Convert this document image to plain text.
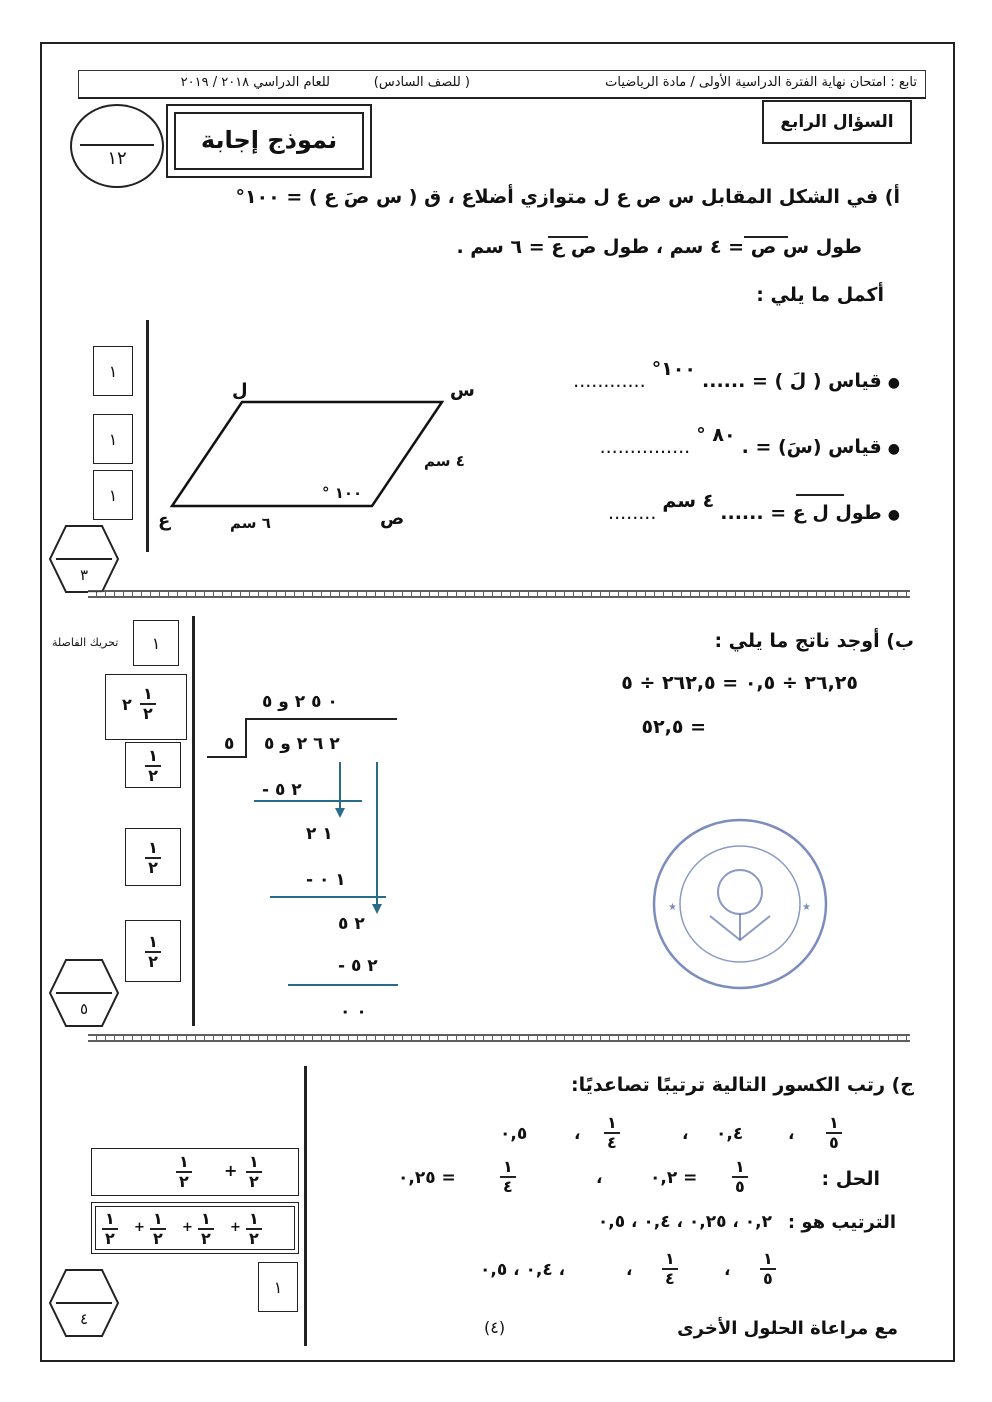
تابع : امتحان نهاية الفترة الدراسية الأولى / مادة الرياضيات
( للصف السادس)
للعام الدراسي ٢٠١٨ / ٢٠١٩
السؤال الرابع
نموذج إجابة
١٢
أ) في الشكل المقابل س ص ع ل متوازي أضلاع ، ق ( س صَ ع ) = ١٠٠°
طول س ص = ٤ سم ، طول ص ع = ٦ سم .
أكمل ما يلي :
١
١
١
٣
ل	س
ع	ص
٤ سم
٦ سم
١٠٠ °
● قياس ( لَ ) = ...... ١٠٠° ............
● قياس (سَ) = . ٨٠ ° ...............
● طول ل ع = ...... ٤ سم ........
ب) أوجد ناتج ما يلي :
٢٦,٢٥ ÷ ٠,٥ = ٢٦٢,٥ ÷ ٥
= ٥٢,٥
١
تحريك الفاصلة
٢
١
٢
$\frac{١}{٢}$
$\frac{١}{٢}$
$\frac{١}{٢}$
٥
٠ ٥ ٢ و ٥
٥ ٢ ٦ ٢ و ٥
- ٢ ٥
١ ٢
- ١ ٠
٢ ٥
- ٢ ٥
٠ ٠
★	★
ج) رتب الكسور التالية ترتيبًا تصاعديًا:
١
٥
،
٠,٤
،
١
٤
،
٠,٥
الحل :
١
٥
= ٠,٢
،
١
٤
= ٠,٢٥
الترتيب هو :
٠,٢ ، ٠,٢٥ ، ٠,٤ ، ٠,٥
١
٥
،
١
٤
،
، ٠,٤ ، ٠,٥
١
٢
+ ١
٢
١
٢
+ ١
٢
+ ١
٢
+ ١
٢
١
٤	مع مراعاة الحلول الأخرى
(٤)
